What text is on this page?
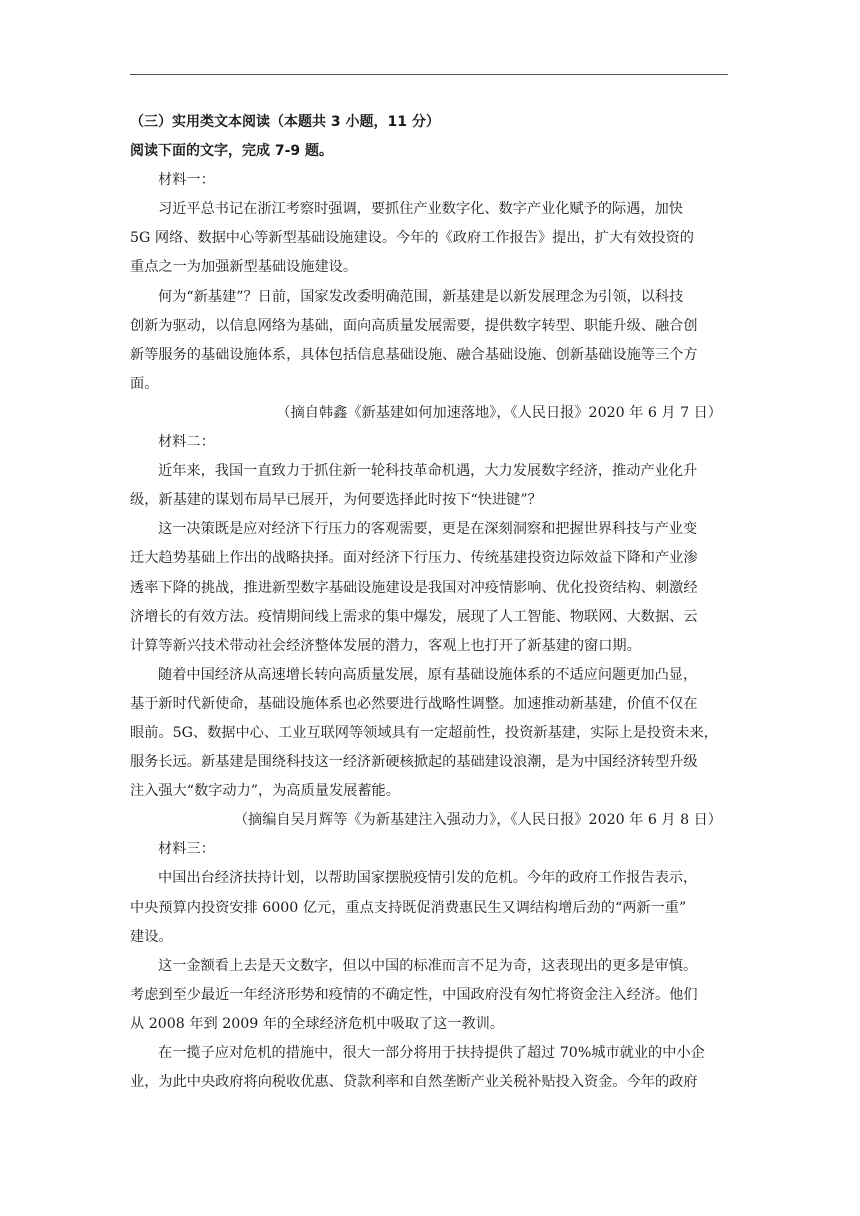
（三）实用类文本阅读（本题共 3 小题，11 分）
阅读下面的文字，完成 7-9 题。
材料一：
习近平总书记在浙江考察时强调，要抓住产业数字化、数字产业化赋予的际遇，加快
5G 网络、数据中心等新型基础设施建设。今年的《政府工作报告》提出，扩大有效投资的
重点之一为加强新型基础设施建设。
何为“新基建”？日前，国家发改委明确范围，新基建是以新发展理念为引领，以科技
创新为驱动，以信息网络为基础，面向高质量发展需要，提供数字转型、职能升级、融合创
新等服务的基础设施体系，具体包括信息基础设施、融合基础设施、创新基础设施等三个方
面。
（摘自韩鑫《新基建如何加速落地》，《人民日报》2020 年 6 月 7 日）
材料二：
近年来，我国一直致力于抓住新一轮科技革命机遇，大力发展数字经济，推动产业化升
级，新基建的谋划布局早已展开，为何要选择此时按下“快进键”？
这一决策既是应对经济下行压力的客观需要，更是在深刻洞察和把握世界科技与产业变
迁大趋势基础上作出的战略抉择。面对经济下行压力、传统基建投资边际效益下降和产业渗
透率下降的挑战，推进新型数字基础设施建设是我国对冲疫情影响、优化投资结构、刺激经
济增长的有效方法。疫情期间线上需求的集中爆发，展现了人工智能、物联网、大数据、云
计算等新兴技术带动社会经济整体发展的潜力，客观上也打开了新基建的窗口期。
随着中国经济从高速增长转向高质量发展，原有基础设施体系的不适应问题更加凸显，
基于新时代新使命，基础设施体系也必然要进行战略性调整。加速推动新基建，价值不仅在
眼前。5G、数据中心、工业互联网等领域具有一定超前性，投资新基建，实际上是投资未来，
服务长远。新基建是围绕科技这一经济新硬核掀起的基础建设浪潮，是为中国经济转型升级
注入强大“数字动力”，为高质量发展蓄能。
（摘编自吴月辉等《为新基建注入强动力》，《人民日报》2020 年 6 月 8 日）
材料三：
中国出台经济扶持计划，以帮助国家摆脱疫情引发的危机。今年的政府工作报告表示，
中央预算内投资安排 6000 亿元，重点支持既促消费惠民生又调结构增后劲的“两新一重”
建设。
这一金额看上去是天文数字，但以中国的标准而言不足为奇，这表现出的更多是审慎。
考虑到至少最近一年经济形势和疫情的不确定性，中国政府没有匆忙将资金注入经济。他们
从 2008 年到 2009 年的全球经济危机中吸取了这一教训。
在一揽子应对危机的措施中，很大一部分将用于扶持提供了超过 70%城市就业的中小企
业，为此中央政府将向税收优惠、贷款利率和自然垄断产业关税补贴投入资金。今年的政府
